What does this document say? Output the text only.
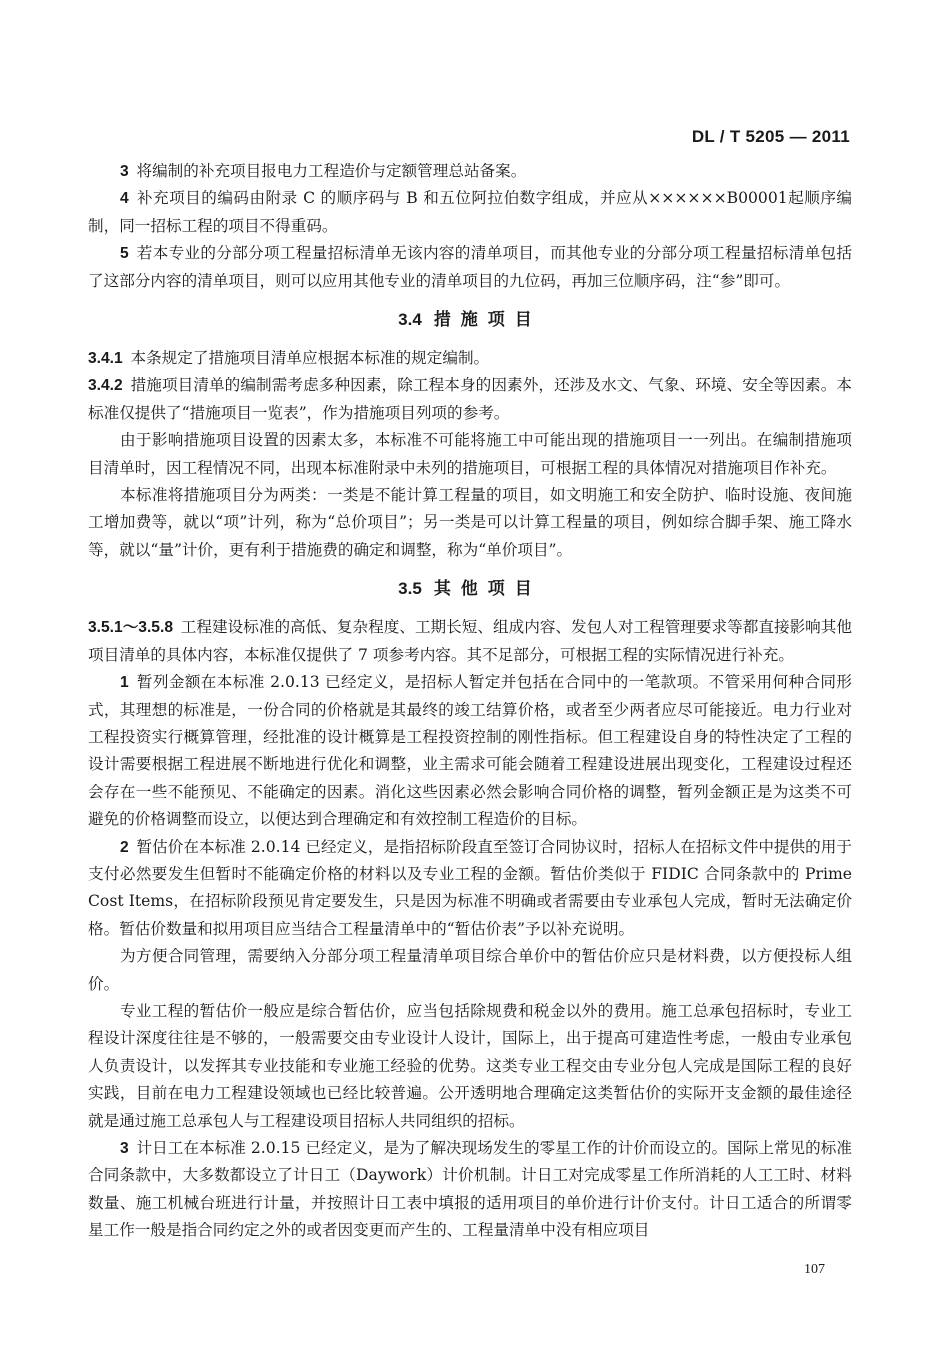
DL / T 5205 — 2011

3  将编制的补充项目报电力工程造价与定额管理总站备案。

4  补充项目的编码由附录 C 的顺序码与 B 和五位阿拉伯数字组成，并应从××××××B00001起顺序编制，同一招标工程的项目不得重码。

5  若本专业的分部分项工程量招标清单无该内容的清单项目，而其他专业的分部分项工程量招标清单包括了这部分内容的清单项目，则可以应用其他专业的清单项目的九位码，再加三位顺序码，注“参”即可。

3.4 措施项目

3.4.1  本条规定了措施项目清单应根据本标准的规定编制。

3.4.2  措施项目清单的编制需考虑多种因素，除工程本身的因素外，还涉及水文、气象、环境、安全等因素。本标准仅提供了“措施项目一览表”，作为措施项目列项的参考。

由于影响措施项目设置的因素太多，本标准不可能将施工中可能出现的措施项目一一列出。在编制措施项目清单时，因工程情况不同，出现本标准附录中未列的措施项目，可根据工程的具体情况对措施项目作补充。

本标准将措施项目分为两类：一类是不能计算工程量的项目，如文明施工和安全防护、临时设施、夜间施工增加费等，就以“项”计列，称为“总价项目”；另一类是可以计算工程量的项目，例如综合脚手架、施工降水等，就以“量”计价，更有利于措施费的确定和调整，称为“单价项目”。

3.5 其他项目

3.5.1～3.5.8  工程建设标准的高低、复杂程度、工期长短、组成内容、发包人对工程管理要求等都直接影响其他项目清单的具体内容，本标准仅提供了 7 项参考内容。其不足部分，可根据工程的实际情况进行补充。

1  暂列金额在本标准 2.0.13 已经定义，是招标人暂定并包括在合同中的一笔款项。不管采用何种合同形式，其理想的标准是，一份合同的价格就是其最终的竣工结算价格，或者至少两者应尽可能接近。电力行业对工程投资实行概算管理，经批准的设计概算是工程投资控制的刚性指标。但工程建设自身的特性决定了工程的设计需要根据工程进展不断地进行优化和调整，业主需求可能会随着工程建设进展出现变化，工程建设过程还会存在一些不能预见、不能确定的因素。消化这些因素必然会影响合同价格的调整，暂列金额正是为这类不可避免的价格调整而设立，以便达到合理确定和有效控制工程造价的目标。

2  暂估价在本标准 2.0.14 已经定义，是指招标阶段直至签订合同协议时，招标人在招标文件中提供的用于支付必然要发生但暂时不能确定价格的材料以及专业工程的金额。暂估价类似于 FIDIC 合同条款中的 Prime Cost Items，在招标阶段预见肯定要发生，只是因为标准不明确或者需要由专业承包人完成，暂时无法确定价格。暂估价数量和拟用项目应当结合工程量清单中的“暂估价表”予以补充说明。

为方便合同管理，需要纳入分部分项工程量清单项目综合单价中的暂估价应只是材料费，以方便投标人组价。

专业工程的暂估价一般应是综合暂估价，应当包括除规费和税金以外的费用。施工总承包招标时，专业工程设计深度往往是不够的，一般需要交由专业设计人设计，国际上，出于提高可建造性考虑，一般由专业承包人负责设计，以发挥其专业技能和专业施工经验的优势。这类专业工程交由专业分包人完成是国际工程的良好实践，目前在电力工程建设领域也已经比较普遍。公开透明地合理确定这类暂估价的实际开支金额的最佳途径就是通过施工总承包人与工程建设项目招标人共同组织的招标。

3  计日工在本标准 2.0.15 已经定义，是为了解决现场发生的零星工作的计价而设立的。国际上常见的标准合同条款中，大多数都设立了计日工（Daywork）计价机制。计日工对完成零星工作所消耗的人工工时、材料数量、施工机械台班进行计量，并按照计日工表中填报的适用项目的单价进行计价支付。计日工适合的所谓零星工作一般是指合同约定之外的或者因变更而产生的、工程量清单中没有相应项目

107
